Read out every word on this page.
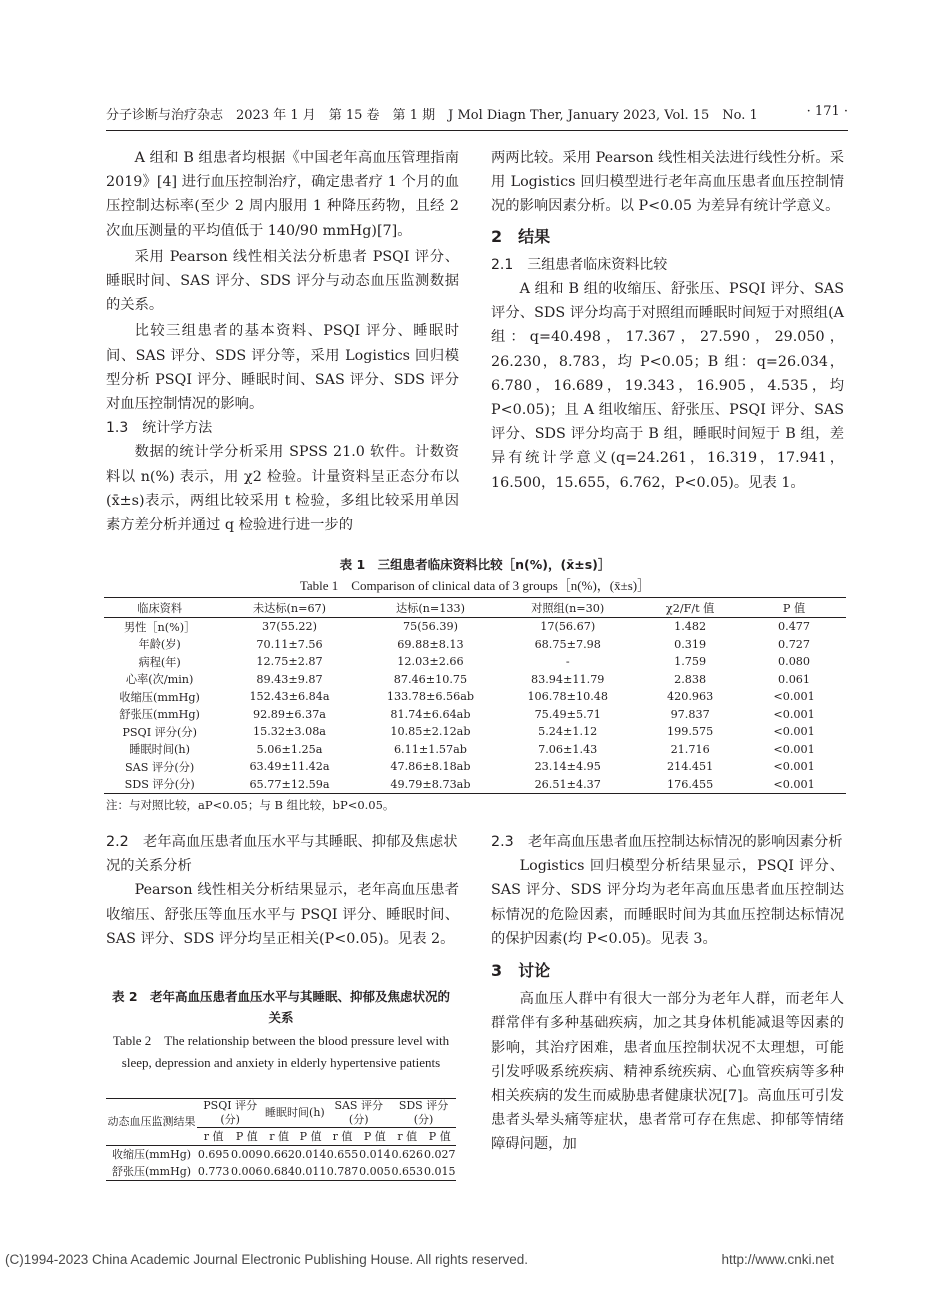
分子诊断与治疗杂志　2023 年 1 月　第 15 卷　第 1 期　J Mol Diagn Ther, January 2023, Vol. 15　No. 1	· 171 ·

A 组和 B 组患者均根据《中国老年高血压管理指南 2019》[4] 进行血压控制治疗，确定患者疗 1 个月的血压控制达标率(至少 2 周内服用 1 种降压药物，且经 2 次血压测量的平均值低于 140/90 mmHg)[7]。

采用 Pearson 线性相关法分析患者 PSQI 评分、睡眠时间、SAS 评分、SDS 评分与动态血压监测数据的关系。

比较三组患者的基本资料、PSQI 评分、睡眠时间、SAS 评分、SDS 评分等，采用 Logistics 回归模型分析 PSQI 评分、睡眠时间、SAS 评分、SDS 评分对血压控制情况的影响。

1.3　统计学方法

数据的统计学分析采用 SPSS 21.0 软件。计数资料以 n(%) 表示，用 χ2 检验。计量资料呈正态分布以(x̄±s)表示，两组比较采用 t 检验，多组比较采用单因素方差分析并通过 q 检验进行进一步的

两两比较。采用 Pearson 线性相关法进行线性分析。采用 Logistics 回归模型进行老年高血压患者血压控制情况的影响因素分析。以 P<0.05 为差异有统计学意义。

2　结果
2.1　三组患者临床资料比较

A 组和 B 组的收缩压、舒张压、PSQI 评分、SAS 评分、SDS 评分均高于对照组而睡眠时间短于对照组(A 组：q=40.498，17.367，27.590，29.050，26.230，8.783，均 P<0.05；B 组：q=26.034，6.780，16.689，19.343，16.905，4.535，均 P<0.05)；且 A 组收缩压、舒张压、PSQI 评分、SAS 评分、SDS 评分均高于 B 组，睡眠时间短于 B 组，差异有统计学意义(q=24.261，16.319，17.941，16.500，15.655，6.762，P<0.05)。见表 1。

表 1　三组患者临床资料比较［n(%)，(x̄±s)］
Table 1　Comparison of clinical data of 3 groups［n(%)，(x̄±s)］
临床资料	未达标(n=67)	达标(n=133)	对照组(n=30)	χ2/F/t 值	P 值
男性［n(%)］	37(55.22)	75(56.39)	17(56.67)	1.482	0.477
年龄(岁)	70.11±7.56	69.88±8.13	68.75±7.98	0.319	0.727
病程(年)	12.75±2.87	12.03±2.66	-	1.759	0.080
心率(次/min)	89.43±9.87	87.46±10.75	83.94±11.79	2.838	0.061
收缩压(mmHg)	152.43±6.84a	133.78±6.56ab	106.78±10.48	420.963	<0.001
舒张压(mmHg)	92.89±6.37a	81.74±6.64ab	75.49±5.71	97.837	<0.001
PSQI 评分(分)	15.32±3.08a	10.85±2.12ab	5.24±1.12	199.575	<0.001
睡眠时间(h)	5.06±1.25a	6.11±1.57ab	7.06±1.43	21.716	<0.001
SAS 评分(分)	63.49±11.42a	47.86±8.18ab	23.14±4.95	214.451	<0.001
SDS 评分(分)	65.77±12.59a	49.79±8.73ab	26.51±4.37	176.455	<0.001
注：与对照比较，aP<0.05；与 B 组比较，bP<0.05。
2.2　老年高血压患者血压水平与其睡眠、抑郁及焦虑状况的关系分析

Pearson 线性相关分析结果显示，老年高血压患者收缩压、舒张压等血压水平与 PSQI 评分、睡眠时间、SAS 评分、SDS 评分均呈正相关(P<0.05)。见表 2。

表 2　老年高血压患者血压水平与其睡眠、抑郁及焦虑状况的关系
Table 2　The relationship between the blood pressure level with sleep, depression and anxiety in elderly hypertensive patients
动态血压监测结果	PSQI 评分(分)		睡眠时间(h)		SAS 评分(分)		SDS 评分(分)	
	r 值	P 值	r 值	P 值	r 值	P 值	r 值	P 值
收缩压(mmHg)	0.695	0.009	0.662	0.014	0.655	0.014	0.626	0.027
舒张压(mmHg)	0.773	0.006	0.684	0.011	0.787	0.005	0.653	0.015
2.3　老年高血压患者血压控制达标情况的影响因素分析

Logistics 回归模型分析结果显示，PSQI 评分、SAS 评分、SDS 评分均为老年高血压患者血压控制达标情况的危险因素，而睡眠时间为其血压控制达标情况的保护因素(均 P<0.05)。见表 3。

3　讨论

高血压人群中有很大一部分为老年人群，而老年人群常伴有多种基础疾病，加之其身体机能减退等因素的影响，其治疗困难，患者血压控制状况不太理想，可能引发呼吸系统疾病、精神系统疾病、心血管疾病等多种相关疾病的发生而威胁患者健康状况[7]。高血压可引发患者头晕头痛等症状，患者常可存在焦虑、抑郁等情绪障碍问题，加

(C)1994-2023 China Academic Journal Electronic Publishing House. All rights reserved.	http://www.cnki.net
